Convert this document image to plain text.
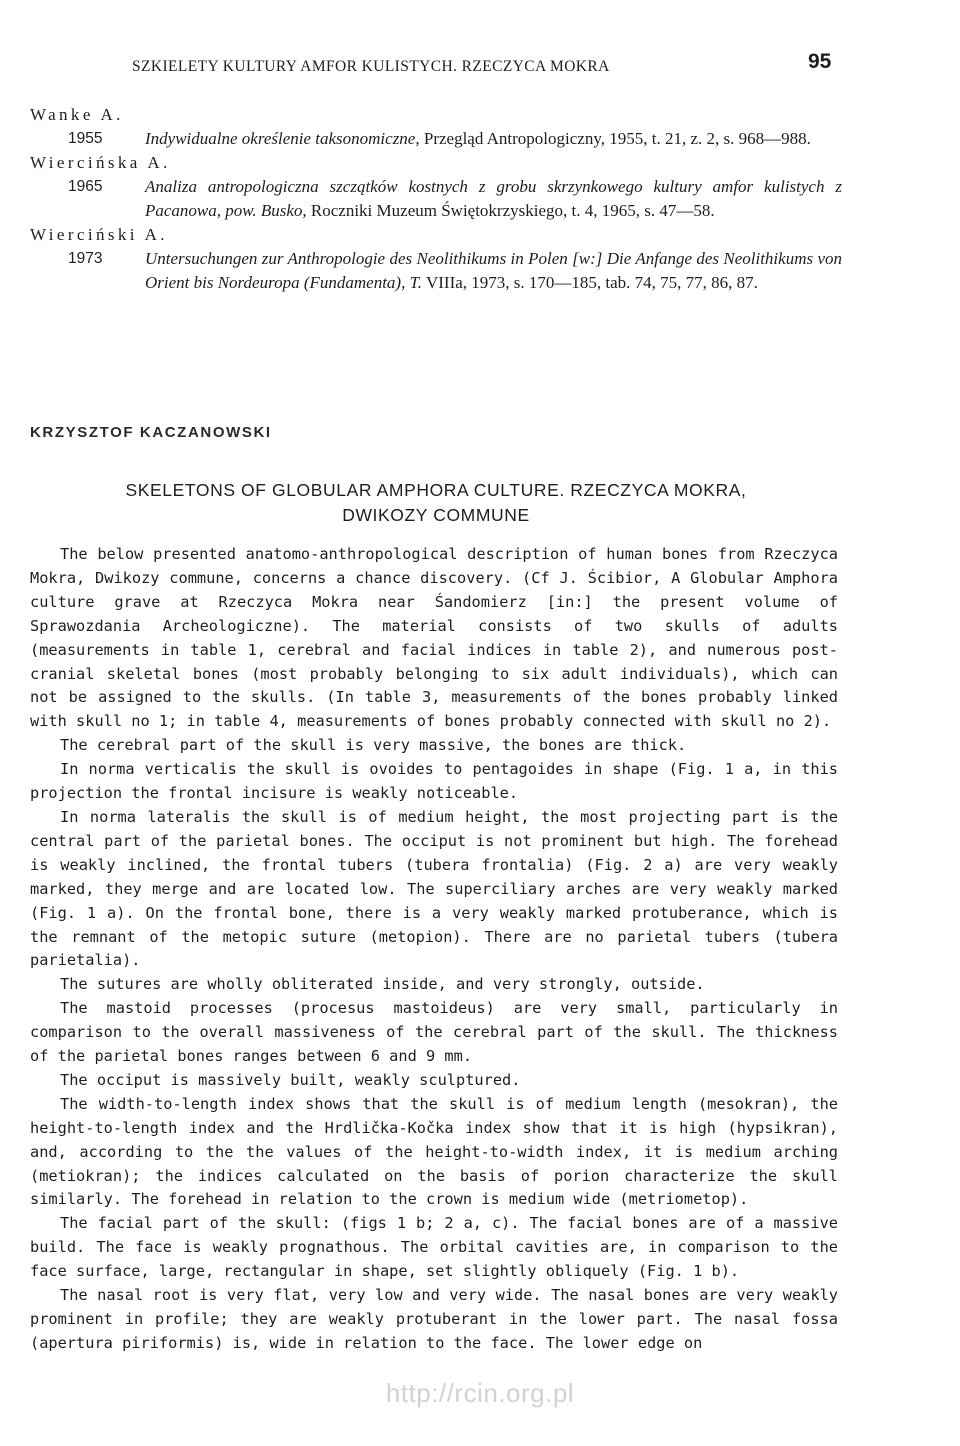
SZKIELETY KULTURY AMFOR KULISTYCH. RZECZYCA MOKRA	95
Wanke A.
1955	Indywidualne określenie taksonomiczne, Przegląd Antropologiczny, 1955, t. 21, z. 2, s. 968—988.
Wiercińska A.
1965	Analiza antropologiczna szczątków kostnych z grobu skrzynkowego kultury amfor kulistych z Pacanowa, pow. Busko, Roczniki Muzeum Świętokrzyskiego, t. 4, 1965, s. 47—58.
Wierciński A.
1973	Untersuchungen zur Anthropologie des Neolithikums in Polen [w:] Die Anfange des Neolithikums von Orient bis Nordeuropa (Fundamenta), T. VIIIa, 1973, s. 170—185, tab. 74, 75, 77, 86, 87.
KRZYSZTOF KACZANOWSKI
SKELETONS OF GLOBULAR AMPHORA CULTURE. RZECZYCA MOKRA,
DWIKOZY COMMUNE

The below presented anatomo-anthropological description of human bones from Rzeczyca Mokra, Dwikozy commune, concerns a chance discovery. (Cf J. Ścibior, A Globular Amphora culture grave at Rzeczyca Mokra near Śandomierz [in:] the present volume of Sprawozdania Archeologiczne). The material consists of two skulls of adults (measurements in table 1, cerebral and facial indices in table 2), and numerous post-cranial skeletal bones (most probably belonging to six adult individuals), which can not be assigned to the skulls. (In table 3, measurements of the bones probably linked with skull no 1; in table 4, measurements of bones probably connected with skull no 2).

The cerebral part of the skull is very massive, the bones are thick.

In norma verticalis the skull is ovoides to pentagoides in shape (Fig. 1 a, in this projection the frontal incisure is weakly noticeable.

In norma lateralis the skull is of medium height, the most projecting part is the central part of the parietal bones. The occiput is not prominent but high. The forehead is weakly inclined, the frontal tubers (tubera frontalia) (Fig. 2 a) are very weakly marked, they merge and are located low. The superciliary arches are very weakly marked (Fig. 1 a). On the frontal bone, there is a very weakly marked protuberance, which is the remnant of the metopic suture (metopion). There are no parietal tubers (tubera parietalia).

The sutures are wholly obliterated inside, and very strongly, outside.

The mastoid processes (procesus mastoideus) are very small, particularly in comparison to the overall massiveness of the cerebral part of the skull. The thickness of the parietal bones ranges between 6 and 9 mm.

The occiput is massively built, weakly sculptured.

The width-to-length index shows that the skull is of medium length (mesokran), the height-to-length index and the Hrdlička-Kočka index show that it is high (hypsikran), and, according to the the values of the height-to-width index, it is medium arching (metiokran); the indices calculated on the basis of porion characterize the skull similarly. The forehead in relation to the crown is medium wide (metriometop).

The facial part of the skull: (figs 1 b; 2 a, c). The facial bones are of a massive build. The face is weakly prognathous. The orbital cavities are, in comparison to the face surface, large, rectangular in shape, set slightly obliquely (Fig. 1 b).

The nasal root is very flat, very low and very wide. The nasal bones are very weakly prominent in profile; they are weakly protuberant in the lower part. The nasal fossa (apertura piriformis) is, wide in relation to the face. The lower edge on

http://rcin.org.pl
